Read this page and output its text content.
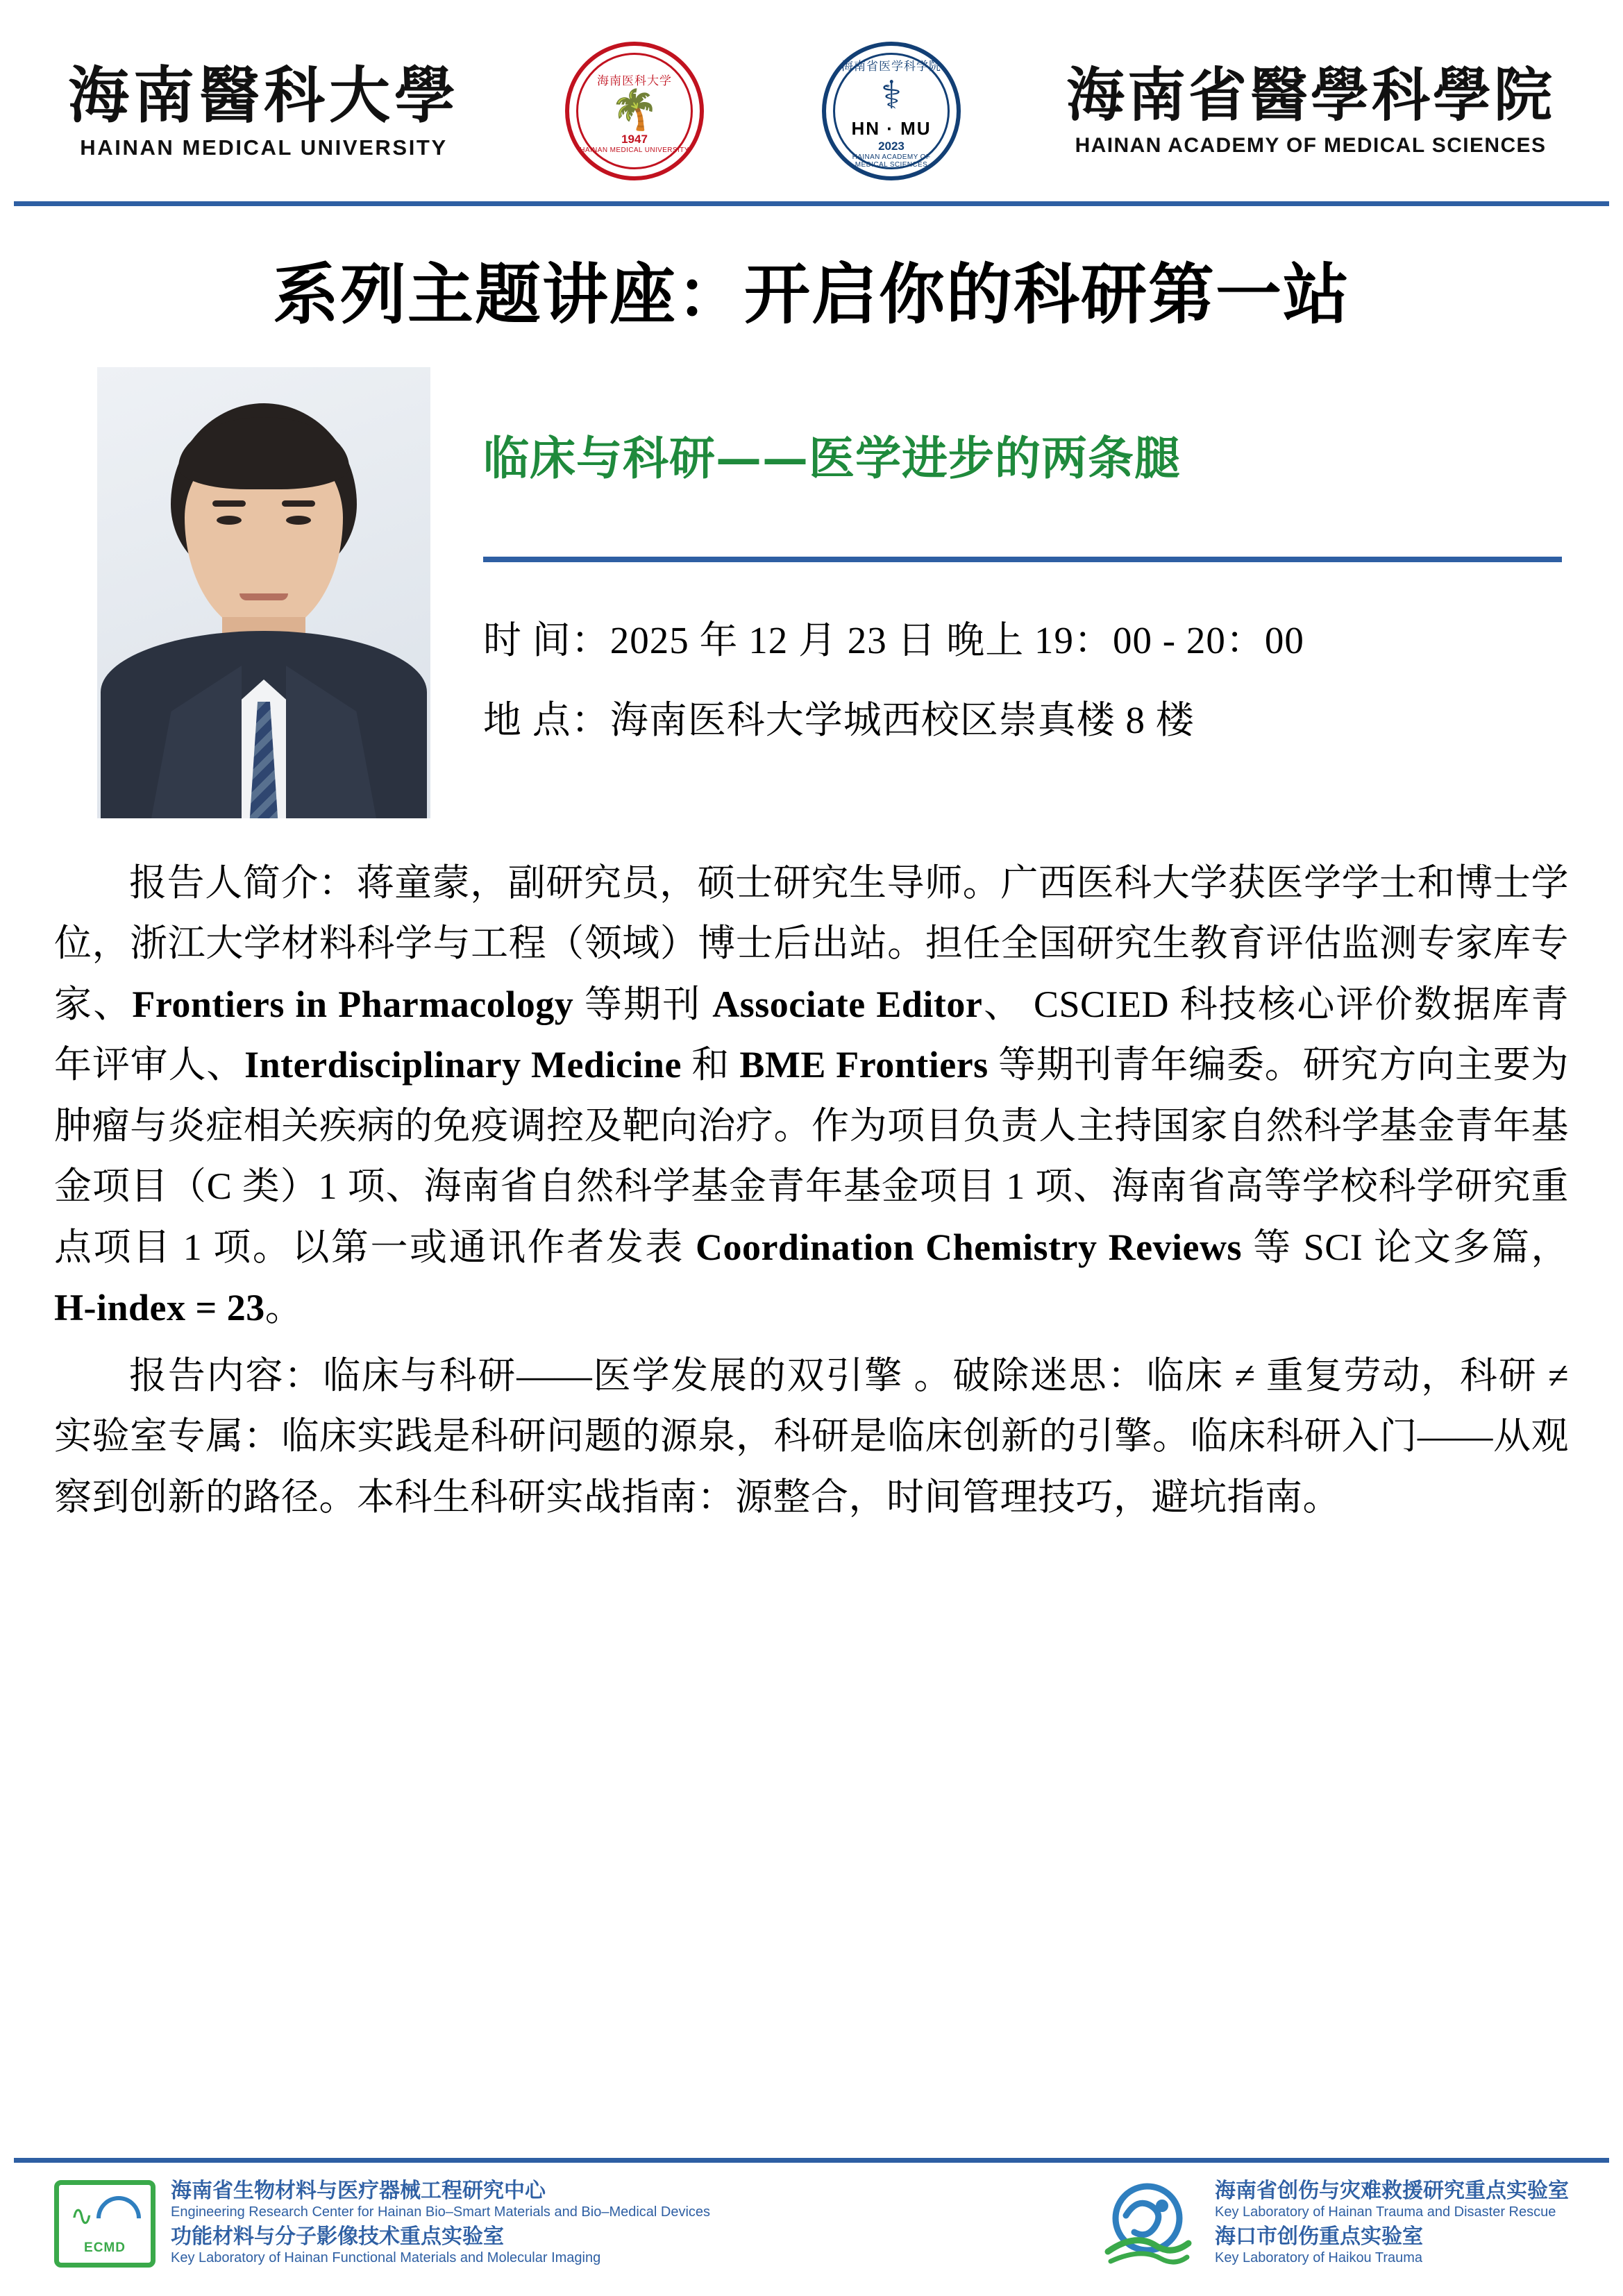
海南醫科大學
HAINAN MEDICAL UNIVERSITY
海南医科大学
🌴
1947
HAINAN MEDICAL UNIVERSITY
海南省医学科学院
⚕
HN · MU
2023
HAINAN ACADEMY OF MEDICAL SCIENCES
海南省醫學科學院
HAINAN ACADEMY OF MEDICAL SCIENCES
系列主题讲座：开启你的科研第一站
临床与科研——医学进步的两条腿
时 间：2025 年 12 月 23 日 晚上 19：00 - 20：00
地 点：海南医科大学城西校区崇真楼 8 楼

报告人简介：蒋童蒙，副研究员，硕士研究生导师。广西医科大学获医学学士和博士学位，浙江大学材料科学与工程（领域）博士后出站。担任全国研究生教育评估监测专家库专家、Frontiers in Pharmacology 等期刊 Associate Editor、 CSCIED 科技核心评价数据库青年评审人、Interdisciplinary Medicine 和 BME Frontiers 等期刊青年编委。研究方向主要为肿瘤与炎症相关疾病的免疫调控及靶向治疗。作为项目负责人主持国家自然科学基金青年基金项目（C 类）1 项、海南省自然科学基金青年基金项目 1 项、海南省高等学校科学研究重点项目 1 项。以第一或通讯作者发表 Coordination Chemistry Reviews 等 SCI 论文多篇，H-index = 23。

报告内容：临床与科研——医学发展的双引擎 。破除迷思：临床 ≠ 重复劳动，科研 ≠ 实验室专属：临床实践是科研问题的源泉，科研是临床创新的引擎。临床科研入门——从观察到创新的路径。本科生科研实战指南：源整合，时间管理技巧，避坑指南。

∿
ECMD
海南省生物材料与医疗器械工程研究中心
Engineering Research Center for Hainan Bio–Smart Materials and Bio–Medical Devices
功能材料与分子影像技术重点实验室
Key Laboratory of Hainan Functional Materials and Molecular Imaging
海南省创伤与灾难救援研究重点实验室
Key Laboratory of Hainan Trauma and Disaster Rescue
海口市创伤重点实验室
Key Laboratory of Haikou Trauma
